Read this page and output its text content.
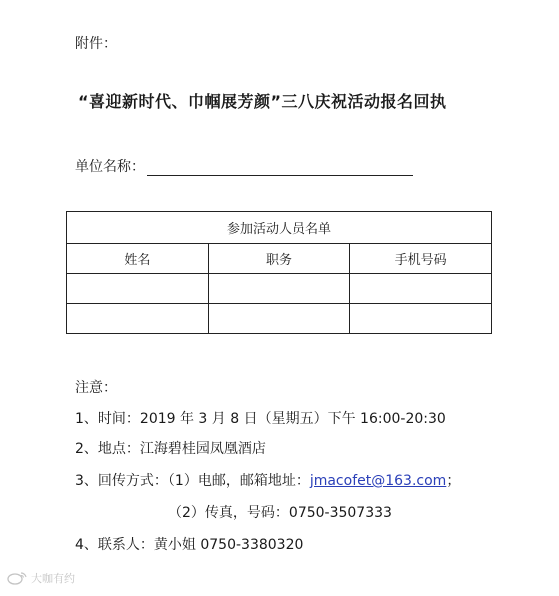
附件：
“喜迎新时代、巾帼展芳颜”三八庆祝活动报名回执
单位名称：
参加活动人员名单		
姓名	职务	手机号码

注意：
1、时间：2019 年 3 月 8 日（星期五）下午 16:00-20:30
2、地点：江海碧桂园凤凰酒店
3、回传方式：（1）电邮，邮箱地址：jmacofet@163.com；
（2）传真，号码：0750-3507333
4、联系人：黄小姐 0750-3380320
大咖有约
